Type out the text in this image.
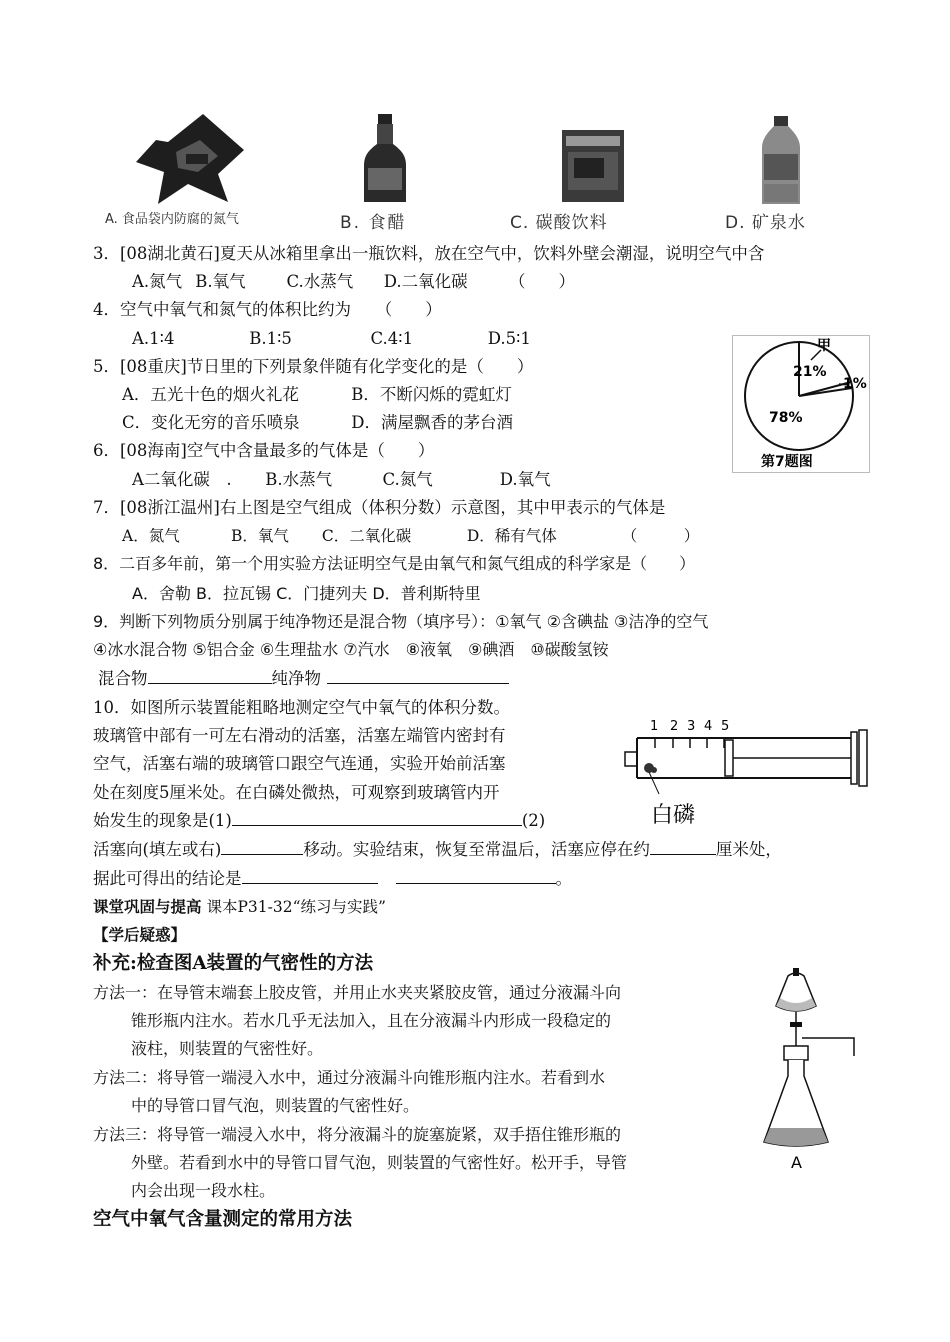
A. 食品袋内防腐的氮气	B. 食醋	C. 碳酸饮料	D. 矿泉水
3．[08湖北黄石]夏天从冰箱里拿出一瓶饮料，放在空气中，饮料外壁会潮湿，说明空气中含
A.氮气 B.氧气 C.水蒸气 D.二氧化碳	（　　）
4．空气中氧气和氮气的体积比约为　　（　　）
A.1∶4	B.1∶5	C.4∶1	D.5∶1	甲
21%
1%
78%
第7题图
5．[08重庆]节日里的下列景象伴随有化学变化的是（　　）
A．五光十色的烟火礼花	B．不断闪烁的霓虹灯
C．变化无穷的音乐喷泉	D．满屋飘香的茅台酒
6．[08海南]空气中含量最多的气体是（　　）
A二氧化碳　. B.水蒸气	C.氮气	D.氧气
7．[08浙江温州]右上图是空气组成（体积分数）示意图，其中甲表示的气体是
A．氮气	B．氧气 C．二氧化碳	D．稀有气体	（　　　）
8．二百多年前，第一个用实验方法证明空气是由氧气和氮气组成的科学家是（　　）
A．舍勒 B．拉瓦锡 C．门捷列夫 D．普利斯特里
9．判断下列物质分别属于纯净物还是混合物（填序号）：①氧气 ②含碘盐 ③洁净的空气
④冰水混合物 ⑤铝合金 ⑥生理盐水 ⑦汽水　⑧液氧　⑨碘酒　⑩碳酸氢铵
混合物	纯净物
10．如图所示装置能粗略地测定空气中氧气的体积分数。
玻璃管中部有一可左右滑动的活塞，活塞左端管内密封有
空气，活塞右端的玻璃管口跟空气连通，实验开始前活塞
处在刻度5厘米处。在白磷处微热，可观察到玻璃管内开
始发生的现象是(1)	(2)
活塞向(填左或右)	移动。实验结束，恢复至常温后，活塞应停在约	厘米处，
据此可得出的结论是	。
1 2 3 4 5
白磷
课堂巩固与提高 课本P31-32“练习与实践”
【学后疑惑】
补充:检查图A装置的气密性的方法
方法一：在导管末端套上胶皮管，并用止水夹夹紧胶皮管，通过分液漏斗向
锥形瓶内注水。若水几乎无法加入，且在分液漏斗内形成一段稳定的
液柱，则装置的气密性好。
方法二：将导管一端浸入水中，通过分液漏斗向锥形瓶内注水。若看到水
中的导管口冒气泡，则装置的气密性好。
方法三：将导管一端浸入水中，将分液漏斗的旋塞旋紧，双手捂住锥形瓶的
外壁。若看到水中的导管口冒气泡，则装置的气密性好。松开手，导管
内会出现一段水柱。
A
空气中氧气含量测定的常用方法
